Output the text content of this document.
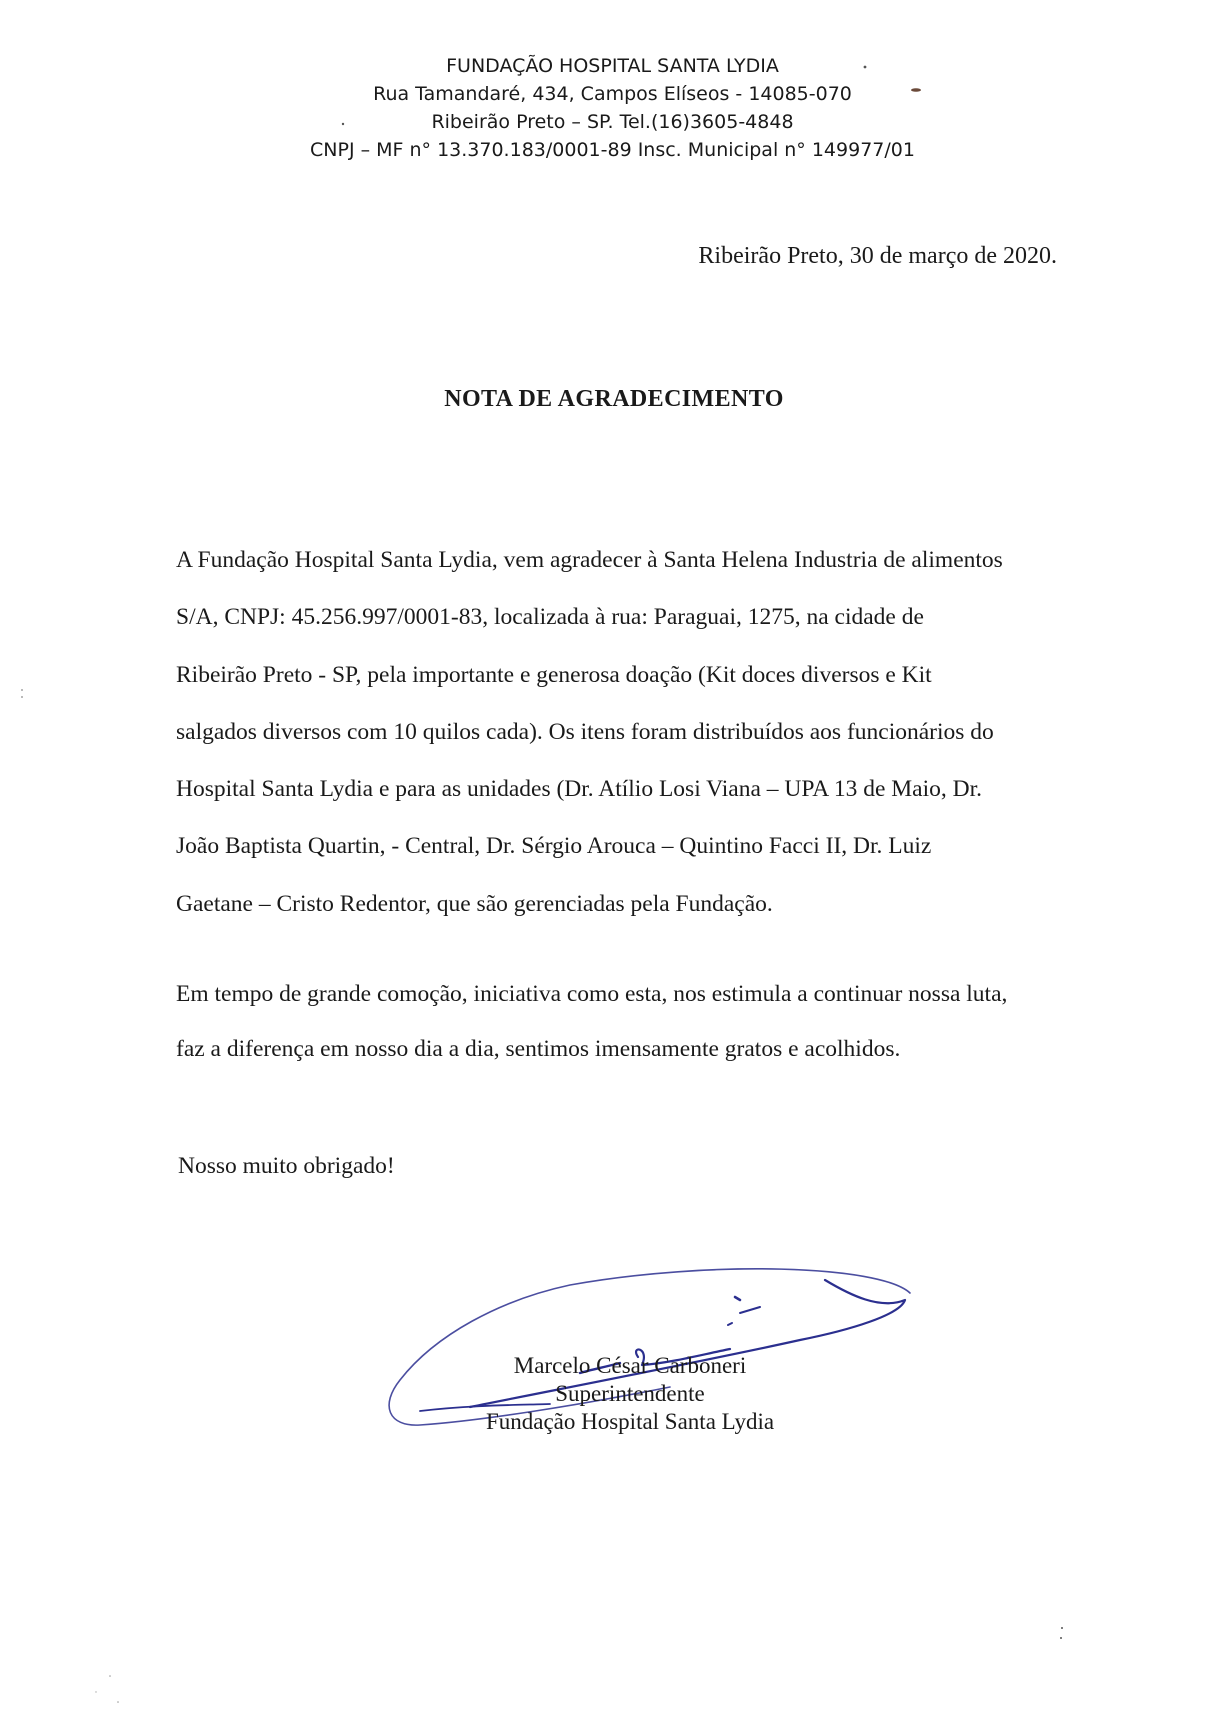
FUNDAÇÃO HOSPITAL SANTA LYDIA
Rua Tamandaré, 434, Campos Elíseos - 14085-070
Ribeirão Preto – SP. Tel.(16)3605-4848
CNPJ – MF n° 13.370.183/0001-89 Insc. Municipal n° 149977/01
Ribeirão Preto, 30 de março de 2020.
NOTA DE AGRADECIMENTO

A Fundação Hospital Santa Lydia, vem agradecer à Santa Helena Industria de alimentos

S/A, CNPJ: 45.256.997/0001-83, localizada à rua: Paraguai, 1275, na cidade de

Ribeirão Preto - SP, pela importante e generosa doação (Kit doces diversos e Kit

salgados diversos com 10 quilos cada). Os itens foram distribuídos aos funcionários do

Hospital Santa Lydia e para as unidades (Dr. Atílio Losi Viana – UPA 13 de Maio, Dr.

João Baptista Quartin, - Central, Dr. Sérgio Arouca – Quintino Facci II, Dr. Luiz

Gaetane – Cristo Redentor, que são gerenciadas pela Fundação.

Em tempo de grande comoção, iniciativa como esta, nos estimula a continuar nossa luta,

faz a diferença em nosso dia a dia, sentimos imensamente gratos e acolhidos.

Nosso muito obrigado!
Marcelo César Carboneri
Superintendente
Fundação Hospital Santa Lydia
